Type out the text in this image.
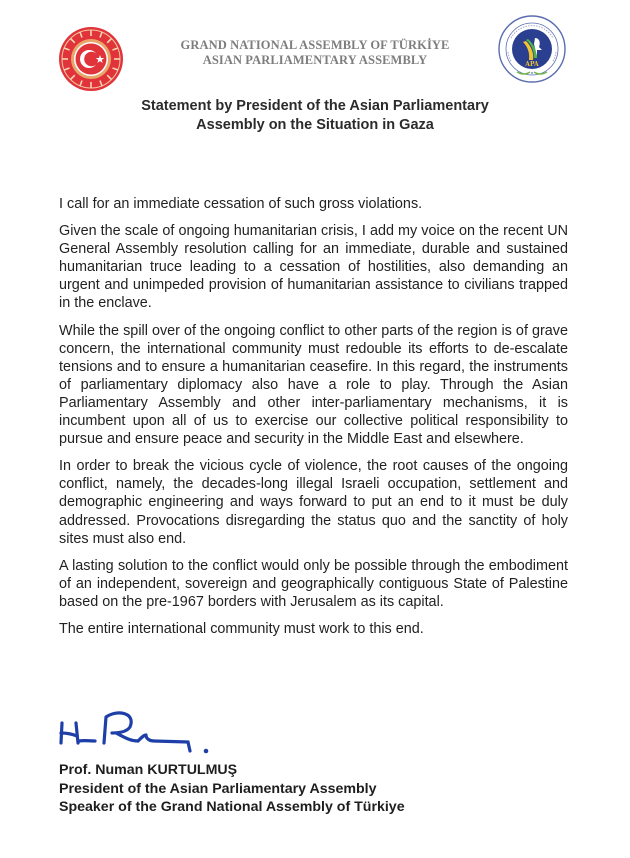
GRAND NATIONAL ASSEMBLY OF TÜRKİYE
ASIAN PARLIAMENTARY ASSEMBLY	APA
Statement by President of the Asian Parliamentary
Assembly on the Situation in Gaza

I call for an immediate cessation of such gross violations.

Given the scale of ongoing humanitarian crisis, I add my voice on the recent UN General Assembly resolution calling for an immediate, durable and sustained humanitarian truce leading to a cessation of hostilities, also demanding an urgent and unimpeded provision of humanitarian assistance to civilians trapped in the enclave.

While the spill over of the ongoing conflict to other parts of the region is of grave concern, the international community must redouble its efforts to de-escalate tensions and to ensure a humanitarian ceasefire. In this regard, the instruments of parliamentary diplomacy also have a role to play. Through the Asian Parliamentary Assembly and other inter-parliamentary mechanisms, it is incumbent upon all of us to exercise our collective political responsibility to pursue and ensure peace and security in the Middle East and elsewhere.

In order to break the vicious cycle of violence, the root causes of the ongoing conflict, namely, the decades-long illegal Israeli occupation, settlement and demographic engineering and ways forward to put an end to it must be duly addressed. Provocations disregarding the status quo and the sanctity of holy sites must also end.

A lasting solution to the conflict would only be possible through the embodiment of an independent, sovereign and geographically contiguous State of Palestine based on the pre-1967 borders with Jerusalem as its capital.

The entire international community must work to this end.

Prof. Numan KURTULMUŞ
President of the Asian Parliamentary Assembly
Speaker of the Grand National Assembly of Türkiye
